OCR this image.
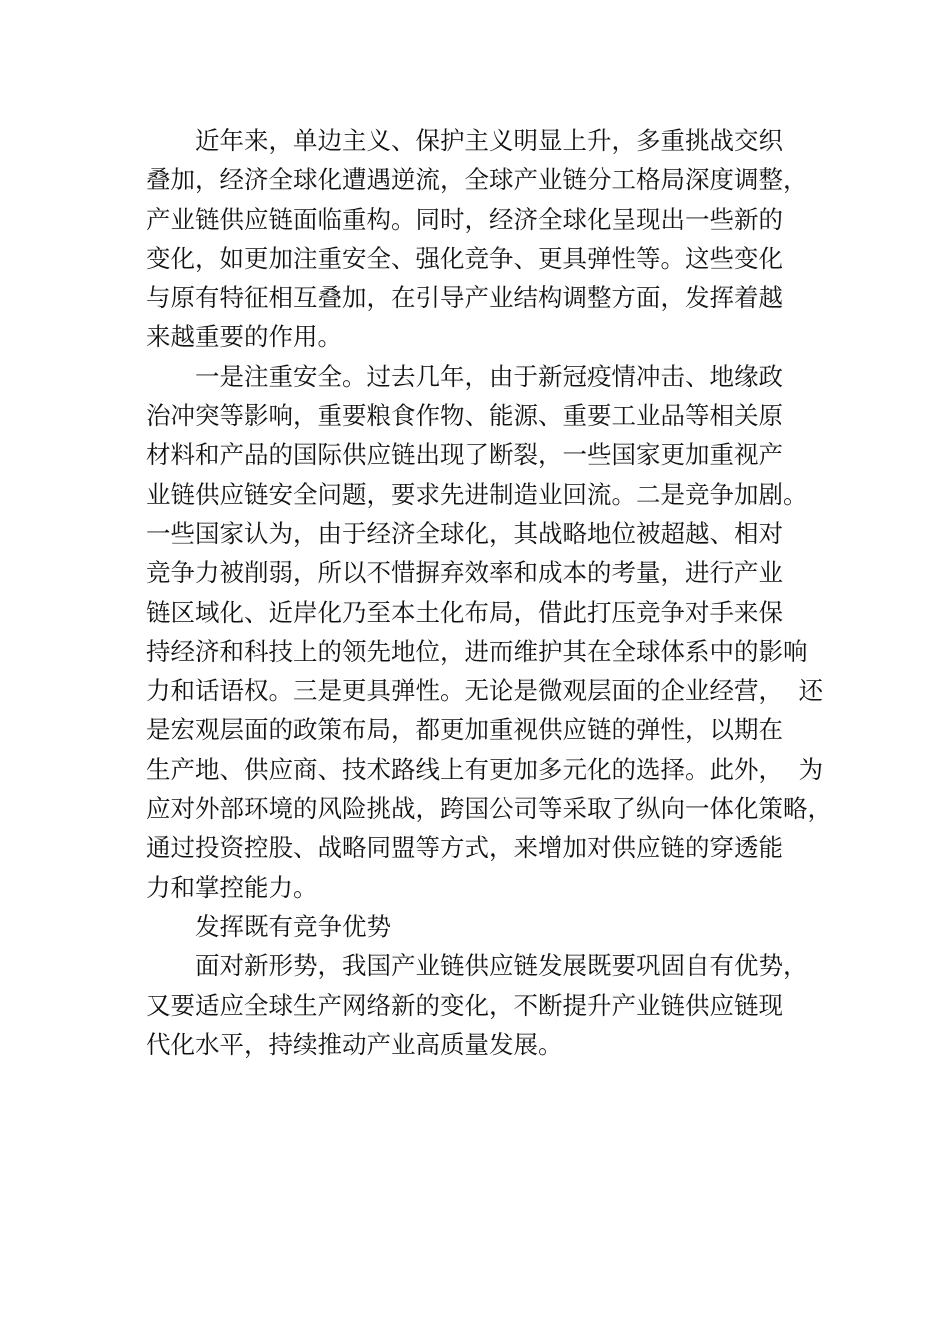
近年来，单边主义、保护主义明显上升，多重挑战交织
叠加，经济全球化遭遇逆流，全球产业链分工格局深度调整，
产业链供应链面临重构。同时，经济全球化呈现出一些新的
变化，如更加注重安全、强化竞争、更具弹性等。这些变化
与原有特征相互叠加，在引导产业结构调整方面，发挥着越
来越重要的作用。
一是注重安全。过去几年，由于新冠疫情冲击、地缘政
治冲突等影响，重要粮食作物、能源、重要工业品等相关原
材料和产品的国际供应链出现了断裂，一些国家更加重视产
业链供应链安全问题，要求先进制造业回流。二是竞争加剧。
一些国家认为，由于经济全球化，其战略地位被超越、相对
竞争力被削弱，所以不惜摒弃效率和成本的考量，进行产业
链区域化、近岸化乃至本土化布局，借此打压竞争对手来保
持经济和科技上的领先地位，进而维护其在全球体系中的影响
力和话语权。三是更具弹性。无论是微观层面的企业经营，  还
是宏观层面的政策布局，都更加重视供应链的弹性，以期在
生产地、供应商、技术路线上有更加多元化的选择。此外，  为
应对外部环境的风险挑战，跨国公司等采取了纵向一体化策略，
通过投资控股、战略同盟等方式，来增加对供应链的穿透能
力和掌控能力。
发挥既有竞争优势
面对新形势，我国产业链供应链发展既要巩固自有优势，
又要适应全球生产网络新的变化，不断提升产业链供应链现
代化水平，持续推动产业高质量发展。
